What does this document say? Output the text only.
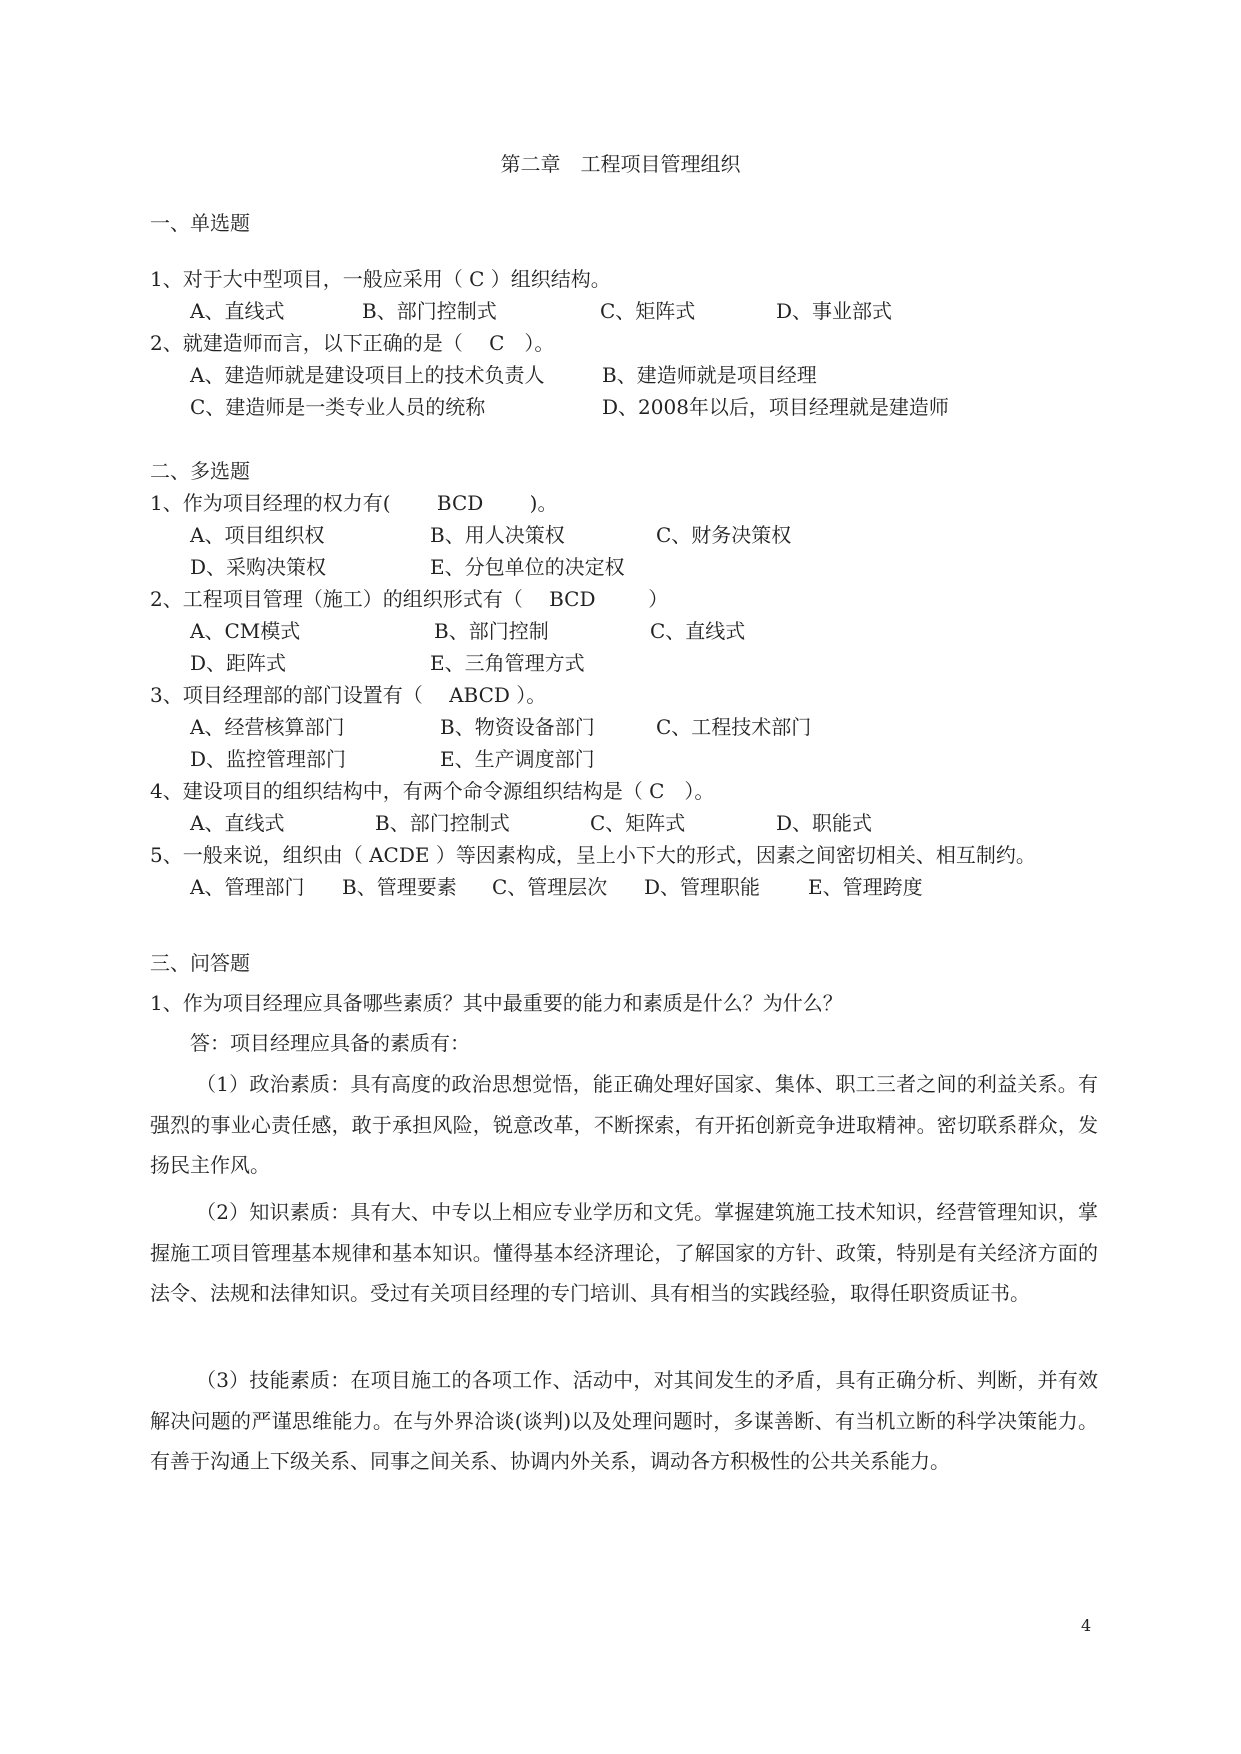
第二章　工程项目管理组织
一、单选题
1、对于大中型项目，一般应采用（ C ）组织结构。
A、直线式	B、部门控制式	C、矩阵式	D、事业部式
2、就建造师而言，以下正确的是（　 C　）。
A、建造师就是建设项目上的技术负责人	B、建造师就是项目经理
C、建造师是一类专业人员的统称	D、2008年以后，项目经理就是建造师
二、多选题
1、作为项目经理的权力有(　　 BCD　 　)。
A、项目组织权	B、用人决策权	C、财务决策权
D、采购决策权	E、分包单位的决定权
2、工程项目管理（施工）的组织形式有（　 BCD　 　 ）
A、CM模式	B、部门控制	C、直线式
D、距阵式	E、三角管理方式
3、项目经理部的部门设置有（　 ABCD ）。
A、经营核算部门	B、物资设备部门	C、工程技术部门
D、监控管理部门	E、生产调度部门
4、建设项目的组织结构中，有两个命令源组织结构是（ C　）。
A、直线式	B、部门控制式	C、矩阵式	D、职能式
5、一般来说，组织由（ ACDE ）等因素构成，呈上小下大的形式，因素之间密切相关、相互制约。
A、管理部门 B、管理要素 C、管理层次 D、管理职能 E、管理跨度
三、问答题
1、作为项目经理应具备哪些素质？其中最重要的能力和素质是什么？为什么？
答：项目经理应具备的素质有：
（1）政治素质：具有高度的政治思想觉悟，能正确处理好国家、集体、职工三者之间的利益关系。有强烈的事业心责任感，敢于承担风险，锐意改革，不断探索，有开拓创新竞争进取精神。密切联系群众，发扬民主作风。
（2）知识素质：具有大、中专以上相应专业学历和文凭。掌握建筑施工技术知识，经营管理知识，掌握施工项目管理基本规律和基本知识。懂得基本经济理论，了解国家的方针、政策，特别是有关经济方面的法令、法规和法律知识。受过有关项目经理的专门培训、具有相当的实践经验，取得任职资质证书。
（3）技能素质：在项目施工的各项工作、活动中，对其间发生的矛盾，具有正确分析、判断，并有效解决问题的严谨思维能力。在与外界洽谈(谈判)以及处理问题时，多谋善断、有当机立断的科学决策能力。有善于沟通上下级关系、同事之间关系、协调内外关系，调动各方积极性的公共关系能力。
4
